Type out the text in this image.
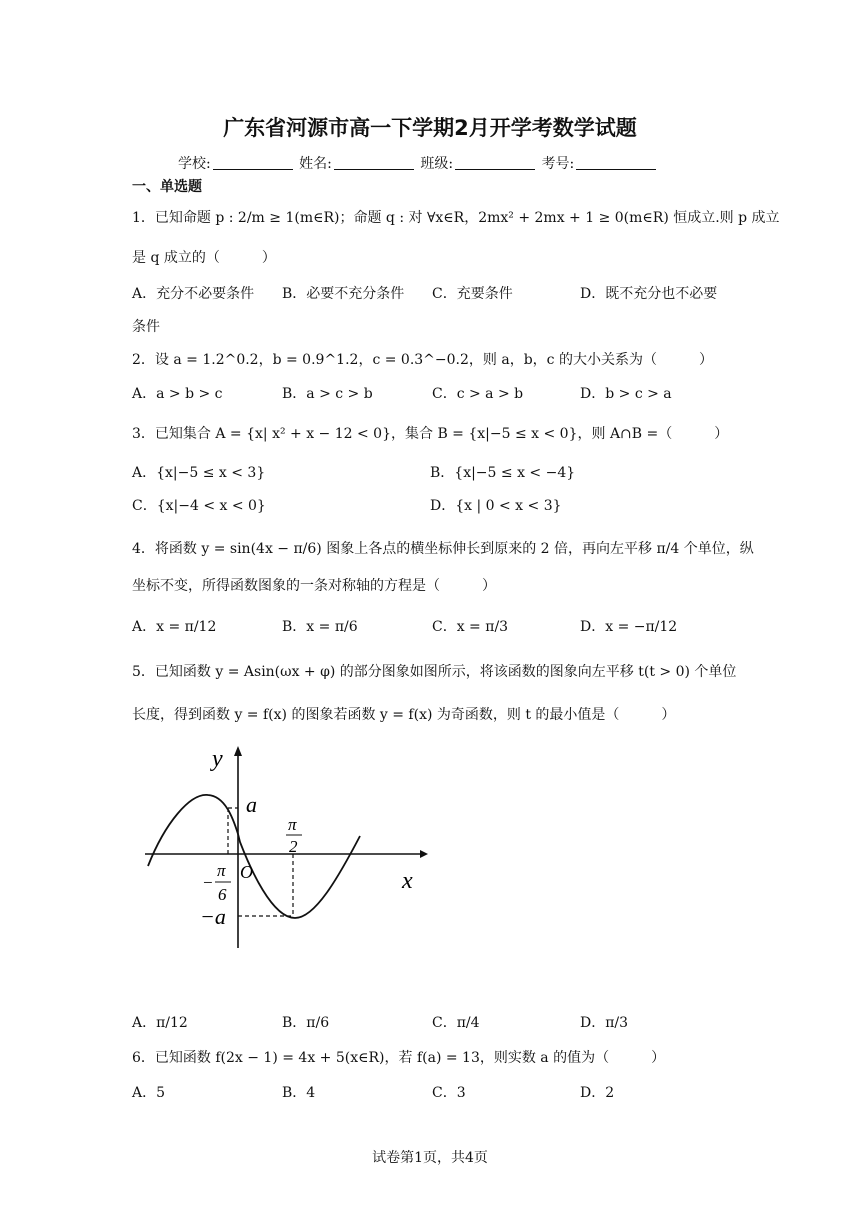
广东省河源市高一下学期2月开学考数学试题
学校:	姓名:	班级:	考号:
一、单选题
1．已知命题 p : 2/m ≥ 1(m∈R)；命题 q : 对 ∀x∈R，2mx² + 2mx + 1 ≥ 0(m∈R) 恒成立.则 p 成立
是 q 成立的（　　　）
A．充分不必要条件 B．必要不充分条件 C．充要条件	D．既不充分也不必要
条件
2．设 a = 1.2^0.2，b = 0.9^1.2，c = 0.3^−0.2，则 a，b，c 的大小关系为（　　　）
A．a > b > c	B．a > c > b	C．c > a > b	D．b > c > a
3．已知集合 A = {x| x² + x − 12 < 0}，集合 B = {x|−5 ≤ x < 0}，则 A∩B =（　　　）
A．{x|−5 ≤ x < 3}	B．{x|−5 ≤ x < −4}
C．{x|−4 < x < 0}	D．{x | 0 < x < 3}
4．将函数 y = sin(4x − π/6) 图象上各点的横坐标伸长到原来的 2 倍，再向左平移 π/4 个单位，纵
坐标不变，所得函数图象的一条对称轴的方程是（　　　）
A．x = π/12	B．x = π/6	C．x = π/3	D．x = −π/12
5．已知函数 y = Asin(ωx + φ) 的部分图象如图所示，将该函数的图象向左平移 t(t > 0) 个单位
长度，得到函数 y = f(x) 的图象若函数 y = f(x) 为奇函数，则 t 的最小值是（　　　）
y
x
O
a
−a
π
2
−
π
6
A．π/12	B．π/6	C．π/4	D．π/3
6．已知函数 f(2x − 1) = 4x + 5(x∈R)，若 f(a) = 13，则实数 a 的值为（　　　）
A．5	B．4	C．3	D．2
试卷第1页，共4页
